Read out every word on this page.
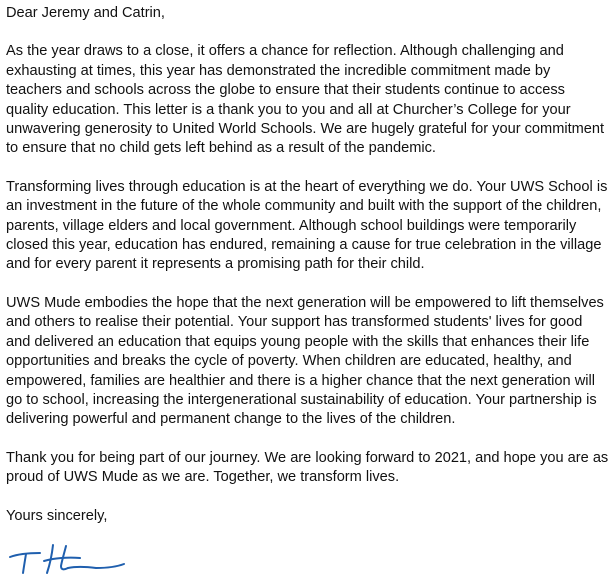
Dear Jeremy and Catrin,

As the year draws to a close, it offers a chance for reflection. Although challenging and exhausting at times, this year has demonstrated the incredible commitment made by teachers and schools across the globe to ensure that their students continue to access quality education. This letter is a thank you to you and all at Churcher’s College for your unwavering generosity to United World Schools. We are hugely grateful for your commitment to ensure that no child gets left behind as a result of the pandemic.

Transforming lives through education is at the heart of everything we do. Your UWS School is an investment in the future of the whole community and built with the support of the children, parents, village elders and local government. Although school buildings were temporarily closed this year, education has endured, remaining a cause for true celebration in the village and for every parent it represents a promising path for their child.

UWS Mude embodies the hope that the next generation will be empowered to lift themselves and others to realise their potential. Your support has transformed students' lives for good and delivered an education that equips young people with the skills that enhances their life opportunities and breaks the cycle of poverty. When children are educated, healthy, and empowered, families are healthier and there is a higher chance that the next generation will go to school, increasing the intergenerational sustainability of education. Your partnership is delivering powerful and permanent change to the lives of the children.

Thank you for being part of our journey. We are looking forward to 2021, and hope you are as proud of UWS Mude as we are. Together, we transform lives.

Yours sincerely,
